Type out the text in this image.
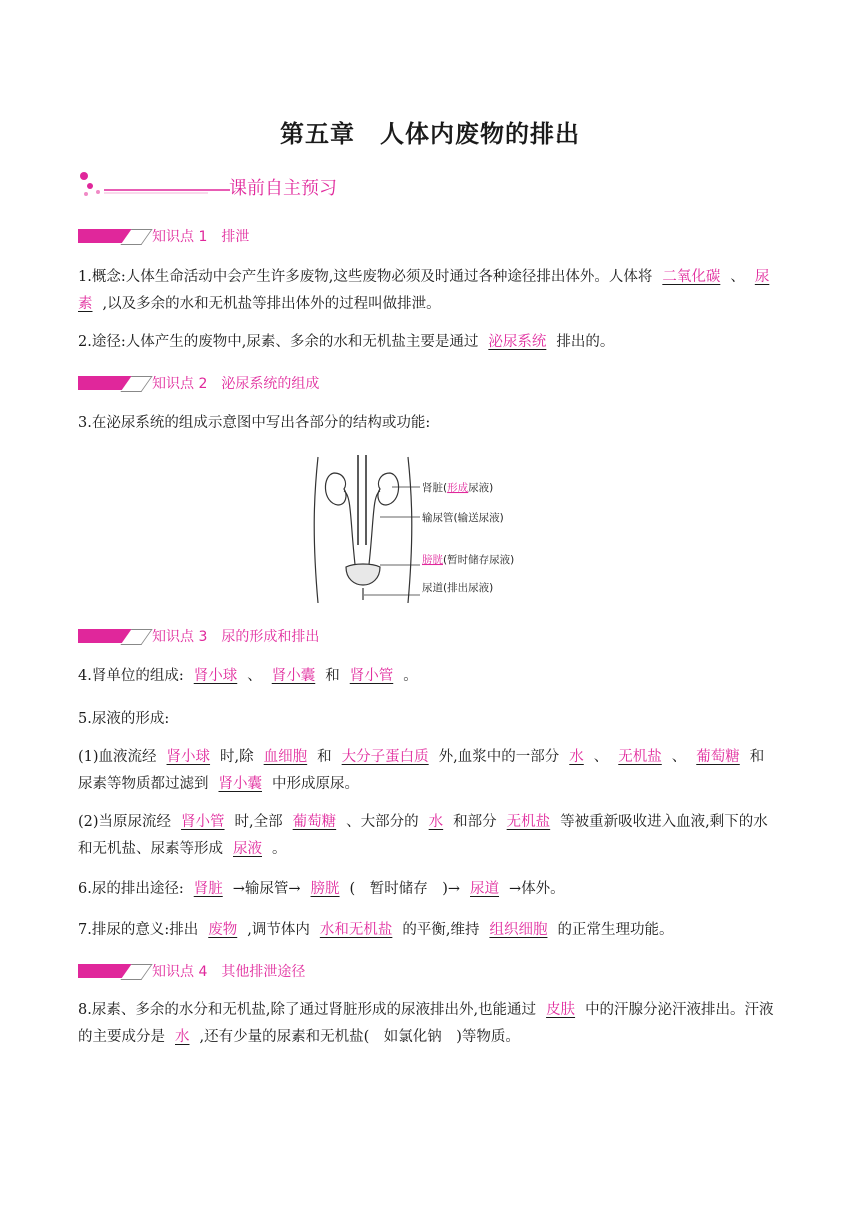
第五章　人体内废物的排出
课前自主预习
知识点 1　排泄
1.概念:人体生命活动中会产生许多废物,这些废物必须及时通过各种途径排出体外。人体将 二氧化碳 、 尿素 ,以及多余的水和无机盐等排出体外的过程叫做排泄。
2.途径:人体产生的废物中,尿素、多余的水和无机盐主要是通过 泌尿系统 排出的。
知识点 2　泌尿系统的组成
3.在泌尿系统的组成示意图中写出各部分的结构或功能:
肾脏(形成尿液)
输尿管(输送尿液)
膀胱(暂时储存尿液)
尿道(排出尿液)
知识点 3　尿的形成和排出
4.肾单位的组成: 肾小球 、 肾小囊 和 肾小管 。
5.尿液的形成:
(1)血液流经 肾小球 时,除 血细胞 和 大分子蛋白质 外,血浆中的一部分 水 、 无机盐 、 葡萄糖 和尿素等物质都过滤到 肾小囊 中形成原尿。
(2)当原尿流经 肾小管 时,全部 葡萄糖 、大部分的 水 和部分 无机盐 等被重新吸收进入血液,剩下的水和无机盐、尿素等形成 尿液 。
6.尿的排出途径: 肾脏 →输尿管→ 膀胱 (　暂时储存　)→ 尿道 →体外。
7.排尿的意义:排出 废物 ,调节体内 水和无机盐 的平衡,维持 组织细胞 的正常生理功能。
知识点 4　其他排泄途径
8.尿素、多余的水分和无机盐,除了通过肾脏形成的尿液排出外,也能通过 皮肤 中的汗腺分泌汗液排出。汗液的主要成分是 水 ,还有少量的尿素和无机盐(　如氯化钠　)等物质。
